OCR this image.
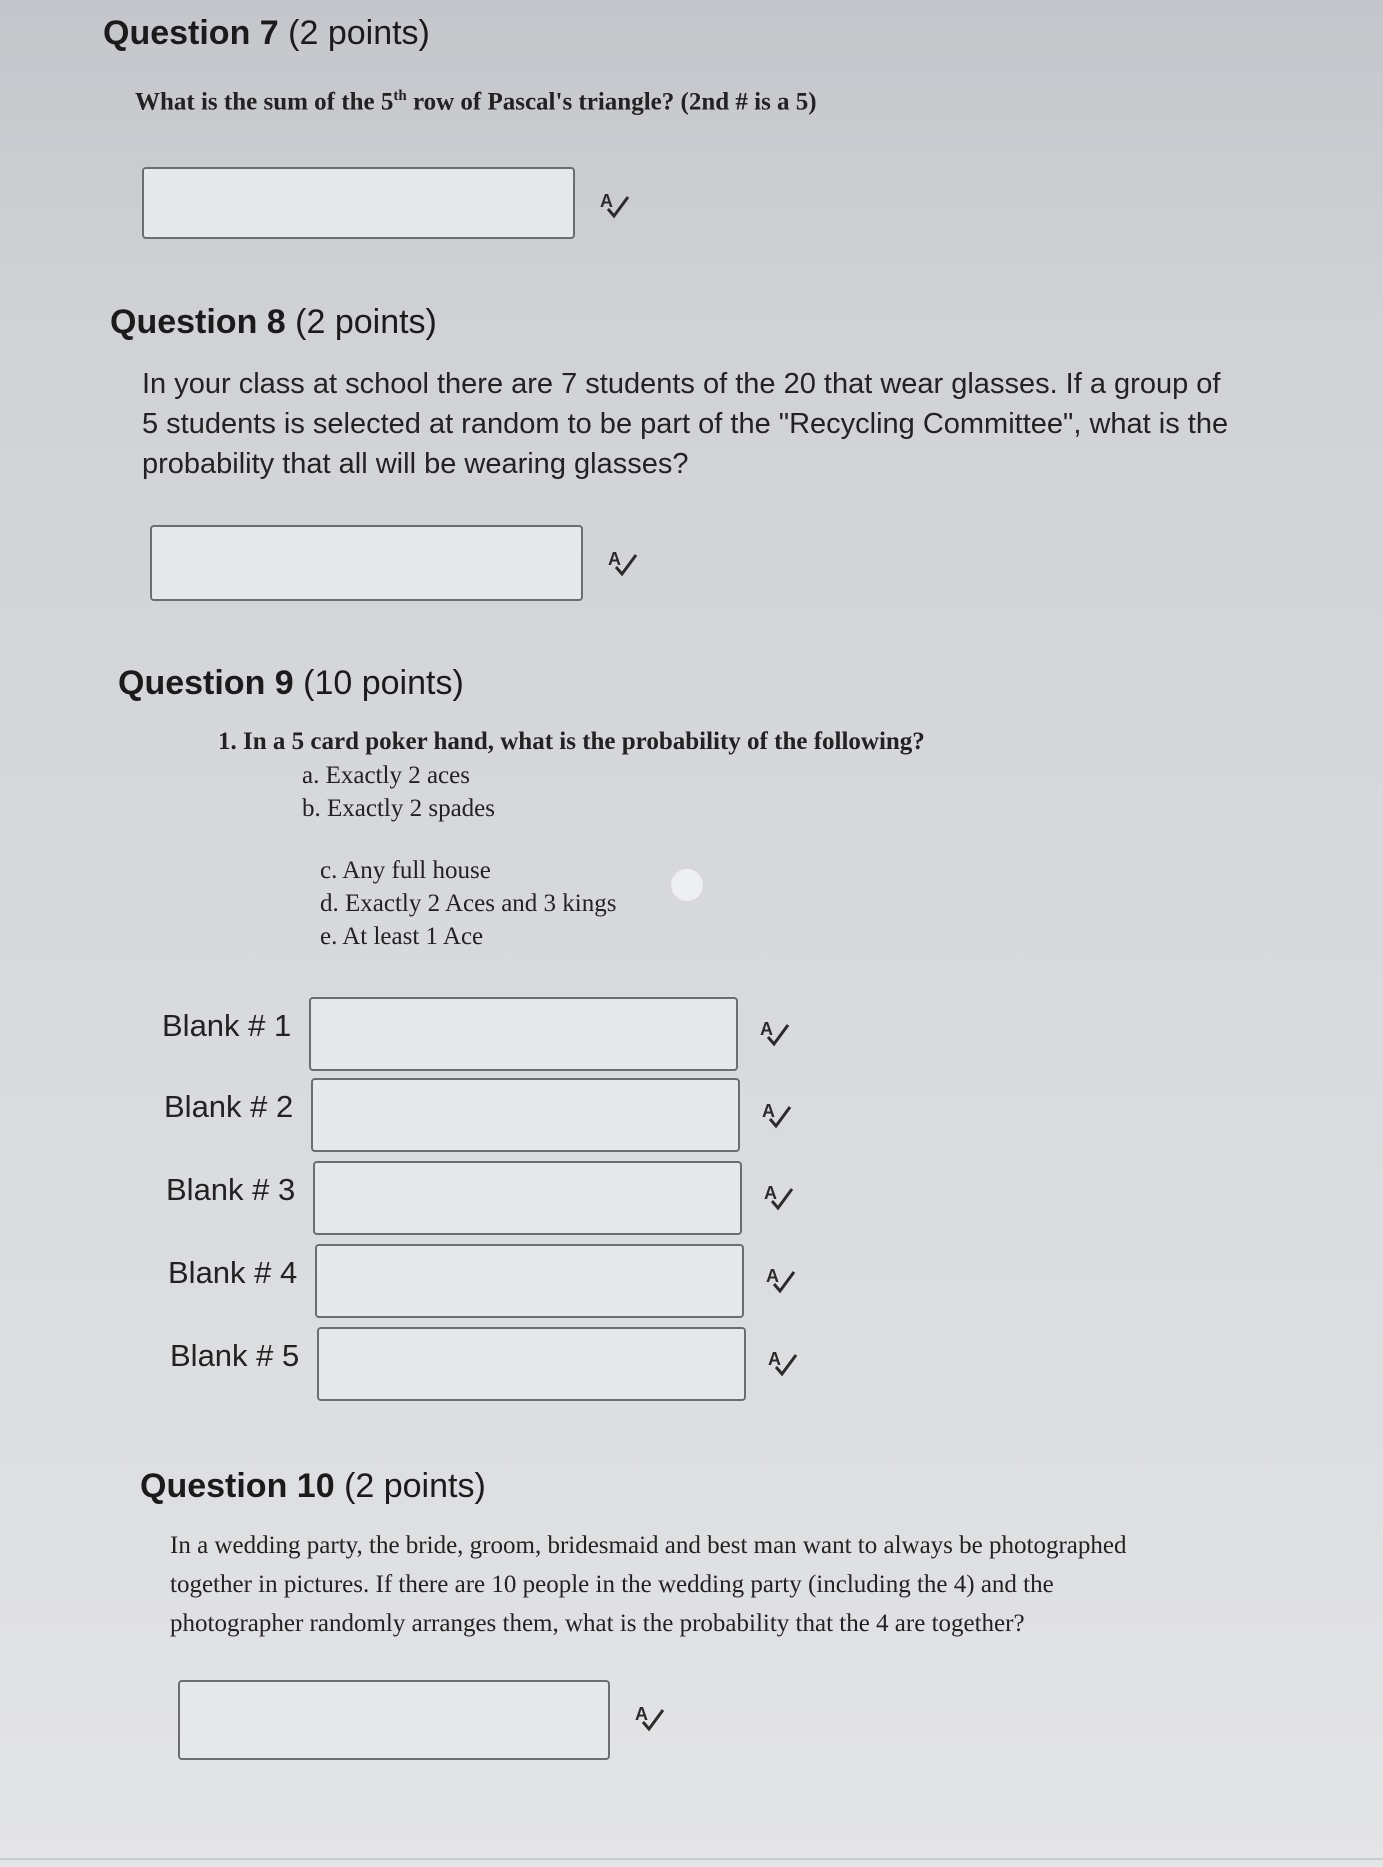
Question 7 (2 points)
What is the sum of the 5th row of Pascal's triangle? (2nd # is a 5)
A
Question 8 (2 points)
In your class at school there are 7 students of the 20 that wear glasses. If a group of
5 students is selected at random to be part of the "Recycling Committee", what is the
probability that all will be wearing glasses?
A
Question 9 (10 points)
1. In a 5 card poker hand, what is the probability of the following?
a. Exactly 2 aces
b. Exactly 2 spades
c. Any full house
d. Exactly 2 Aces and 3 kings
e. At least 1 Ace
Blank # 1	A
Blank # 2	A
Blank # 3	A
Blank # 4	A
Blank # 5	A
Question 10 (2 points)
In a wedding party, the bride, groom, bridesmaid and best man want to always be photographed
together in pictures. If there are 10 people in the wedding party (including the 4) and the
photographer randomly arranges them, what is the probability that the 4 are together?
A
